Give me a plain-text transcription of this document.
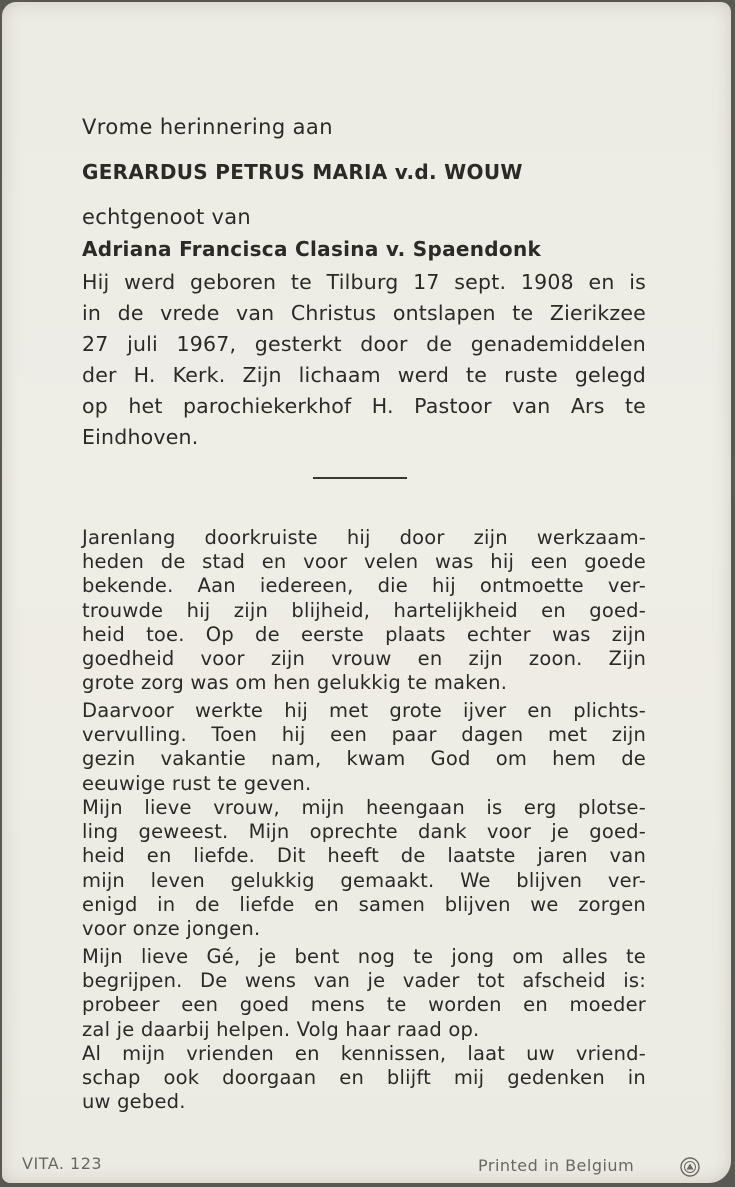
Vrome herinnering aan

GERARDUS PETRUS MARIA v.d. WOUW

echtgenoot van

Adriana Francisca Clasina v. Spaendonk

Hij werd geboren te Tilburg 17 sept. 1908 en is
in de vrede van Christus ontslapen te Zierikzee
27 juli 1967, gesterkt door de genademiddelen
der H. Kerk. Zijn lichaam werd te ruste gelegd
op het parochiekerkhof H. Pastoor van Ars te
Eindhoven.
Jarenlang doorkruiste hij door zijn werkzaam-
heden de stad en voor velen was hij een goede
bekende. Aan iedereen, die hij ontmoette ver-
trouwde hij zijn blijheid, hartelijkheid en goed-
heid toe. Op de eerste plaats echter was zijn
goedheid voor zijn vrouw en zijn zoon. Zijn
grote zorg was om hen gelukkig te maken.
Daarvoor werkte hij met grote ijver en plichts-
vervulling. Toen hij een paar dagen met zijn
gezin vakantie nam, kwam God om hem de
eeuwige rust te geven.
Mijn lieve vrouw, mijn heengaan is erg plotse-
ling geweest. Mijn oprechte dank voor je goed-
heid en liefde. Dit heeft de laatste jaren van
mijn leven gelukkig gemaakt. We blijven ver-
enigd in de liefde en samen blijven we zorgen
voor onze jongen.
Mijn lieve Gé, je bent nog te jong om alles te
begrijpen. De wens van je vader tot afscheid is:
probeer een goed mens te worden en moeder
zal je daarbij helpen. Volg haar raad op.
Al mijn vrienden en kennissen, laat uw vriend-
schap ook doorgaan en blijft mij gedenken in
uw gebed.

VITA. 123	Printed in Belgium
